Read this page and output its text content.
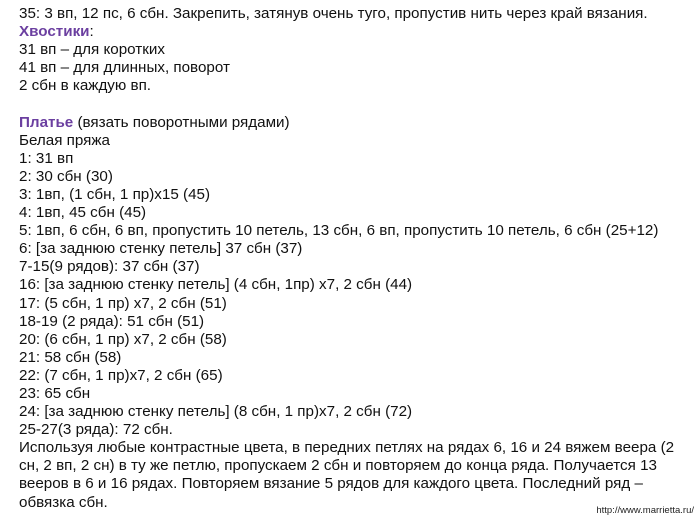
35: 3 вп, 12 пс, 6 сбн. Закрепить, затянув очень туго, пропустив нить через край вязания.
Хвостики:
31 вп – для коротких
41 вп – для длинных, поворот
2 сбн в каждую вп.
Платье (вязать поворотными рядами)
Белая пряжа
1: 31 вп
2: 30 сбн (30)
3: 1вп, (1 сбн, 1 пр)x15 (45)
4: 1вп, 45 сбн (45)
5: 1вп, 6 сбн, 6 вп, пропустить 10 петель, 13 сбн, 6 вп, пропустить 10 петель, 6 сбн (25+12)
6: [за заднюю стенку петель] 37 сбн (37)
7-15(9 рядов): 37 сбн (37)
16: [за заднюю стенку петель] (4 сбн, 1пр) x7, 2 сбн (44)
17: (5 сбн, 1 пр) x7, 2 сбн (51)
18-19 (2 ряда): 51 сбн (51)
20: (6 сбн, 1 пр) x7, 2 сбн (58)
21: 58 сбн (58)
22: (7 сбн, 1 пр)x7, 2 сбн (65)
23: 65 сбн
24: [за заднюю стенку петель] (8 сбн, 1 пр)x7, 2 сбн (72)
25-27(3 ряда): 72 сбн.
Используя любые контрастные цвета, в передних петлях на рядах 6, 16 и 24 вяжем веера (2 сн, 2 вп, 2 сн) в ту же петлю, пропускаем 2 сбн и повторяем до конца ряда. Получается 13 вееров в 6 и 16 рядах. Повторяем вязание 5 рядов для каждого цвета. Последний ряд – обвязка сбн.	http://www.marrietta.ru/
